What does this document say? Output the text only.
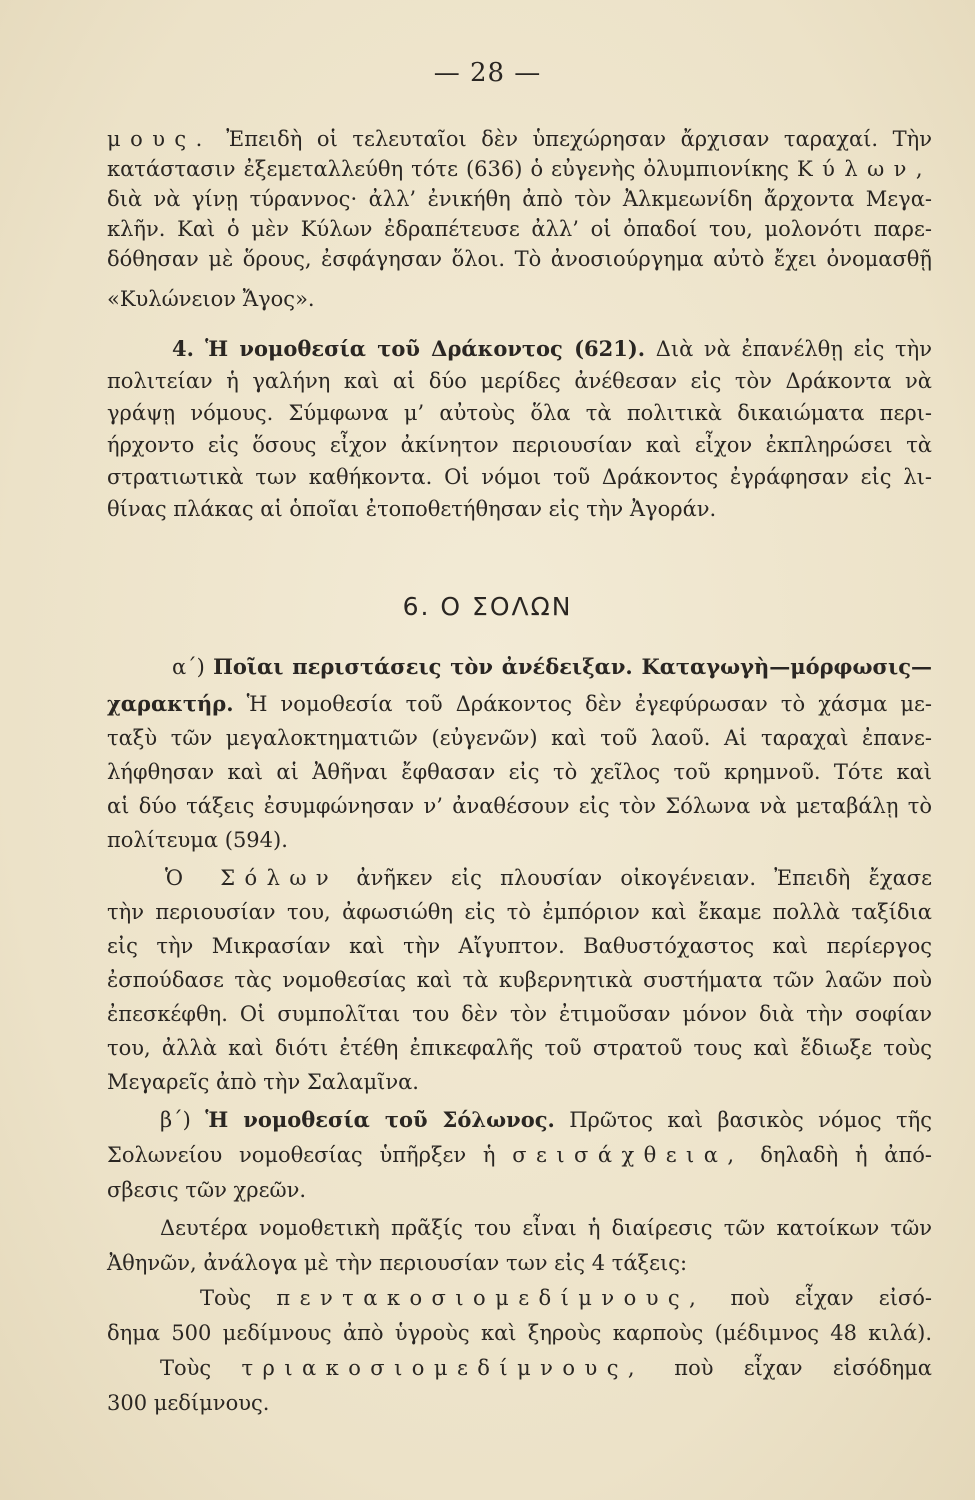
— 28 —
μους. Ἐπειδὴ οἱ τελευταῖοι δὲν ὑπεχώρησαν ἄρχισαν ταραχαί. Τὴν
κατάστασιν ἐξεμεταλλεύθη τότε (636) ὁ εὐγενὴς ὀλυμπιονίκης Κύλων,
διὰ νὰ γίνῃ τύραννος· ἀλλ’ ἐνικήθη ἀπὸ τὸν Ἀλκμεωνίδη ἄρχοντα Μεγα-
κλῆν. Καὶ ὁ μὲν Κύλων ἐδραπέτευσε ἀλλ’ οἱ ὀπαδοί του, μολονότι παρε-
δόθησαν μὲ ὅρους, ἐσφάγησαν ὅλοι. Τὸ ἀνοσιούργημα αὐτὸ ἔχει ὀνομασθῇ
«Κυλώνειον Ἄγος».
4. Ἡ νομοθεσία τοῦ Δράκοντος (621). Διὰ νὰ ἐπανέλθῃ εἰς τὴν
πολιτείαν ἡ γαλήνη καὶ αἱ δύο μερίδες ἀνέθεσαν εἰς τὸν Δράκοντα νὰ
γράψῃ νόμους. Σύμφωνα μ’ αὐτοὺς ὅλα τὰ πολιτικὰ δικαιώματα περι-
ήρχοντο εἰς ὅσους εἶχον ἀκίνητον περιουσίαν καὶ εἶχον ἐκπληρώσει τὰ
στρατιωτικὰ των καθήκοντα. Οἱ νόμοι τοῦ Δράκοντος ἐγράφησαν εἰς λι-
θίνας πλάκας αἱ ὁποῖαι ἐτοποθετήθησαν εἰς τὴν Ἀγοράν.
6. Ο ΣΟΛΩΝ
α΄) Ποῖαι περιστάσεις τὸν ἀνέδειξαν. Καταγωγὴ—μόρφωσις—
χαρακτήρ. Ἡ νομοθεσία τοῦ Δράκοντος δὲν ἐγεφύρωσαν τὸ χάσμα με-
ταξὺ τῶν μεγαλοκτηματιῶν (εὐγενῶν) καὶ τοῦ λαοῦ. Αἱ ταραχαὶ ἐπανε-
λήφθησαν καὶ αἱ Ἀθῆναι ἔφθασαν εἰς τὸ χεῖλος τοῦ κρημνοῦ. Τότε καὶ
αἱ δύο τάξεις ἐσυμφώνησαν ν’ ἀναθέσουν εἰς τὸν Σόλωνα νὰ μεταβάλῃ τὸ
πολίτευμα (594).
Ὁ Σόλων ἀνῆκεν εἰς πλουσίαν οἰκογένειαν. Ἐπειδὴ ἔχασε
τὴν περιουσίαν του, ἀφωσιώθη εἰς τὸ ἐμπόριον καὶ ἔκαμε πολλὰ ταξίδια
εἰς τὴν Μικρασίαν καὶ τὴν Αἴγυπτον. Βαθυστόχαστος καὶ περίεργος
ἐσπούδασε τὰς νομοθεσίας καὶ τὰ κυβερνητικὰ συστήματα τῶν λαῶν ποὺ
ἐπεσκέφθη. Οἱ συμπολῖται του δὲν τὸν ἐτιμοῦσαν μόνον διὰ τὴν σοφίαν
του, ἀλλὰ καὶ διότι ἐτέθη ἐπικεφαλῆς τοῦ στρατοῦ τους καὶ ἔδιωξε τοὺς
Μεγαρεῖς ἀπὸ τὴν Σαλαμῖνα.
β΄) Ἡ νομοθεσία τοῦ Σόλωνος. Πρῶτος καὶ βασικὸς νόμος τῆς
Σολωνείου νομοθεσίας ὑπῆρξεν ἡ σεισάχθεια, δηλαδὴ ἡ ἀπό-
σβεσις τῶν χρεῶν.
Δευτέρα νομοθετικὴ πρᾶξίς του εἶναι ἡ διαίρεσις τῶν κατοίκων τῶν
Ἀθηνῶν, ἀνάλογα μὲ τὴν περιουσίαν των εἰς 4 τάξεις:
Τοὺς πεντακοσιομεδίμνους, ποὺ εἶχαν εἰσό-
δημα 500 μεδίμνους ἀπὸ ὑγροὺς καὶ ξηροὺς καρποὺς (μέδιμνος 48 κιλά).
Τοὺς τριακοσιομεδίμνους, ποὺ εἶχαν εἰσόδημα
300 μεδίμνους.
